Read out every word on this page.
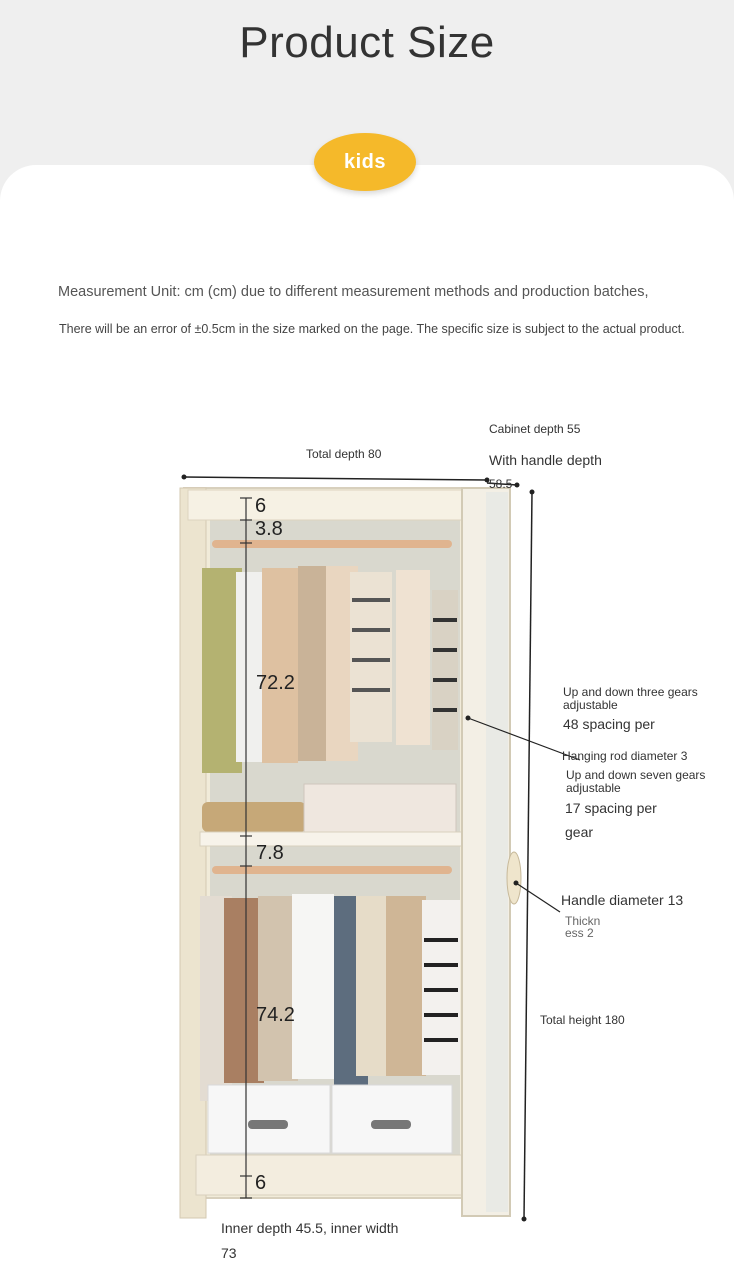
Product Size
kids
Measurement Unit: cm (cm) due to different measurement methods and production batches,
There will be an error of ±0.5cm in the size marked on the page. The specific size is subject to the actual product.
Total depth 80
Cabinet depth 55
With handle depth
58.5
6
3.8
72.2
7.8
74.2
6
Up and down three gears adjustable
48 spacing per
Hanging rod diameter 3
Up and down seven gears adjustable
17 spacing per
gear
Handle diameter 13
Thickn
ess 2
Total height 180
Inner depth 45.5, inner width
73
